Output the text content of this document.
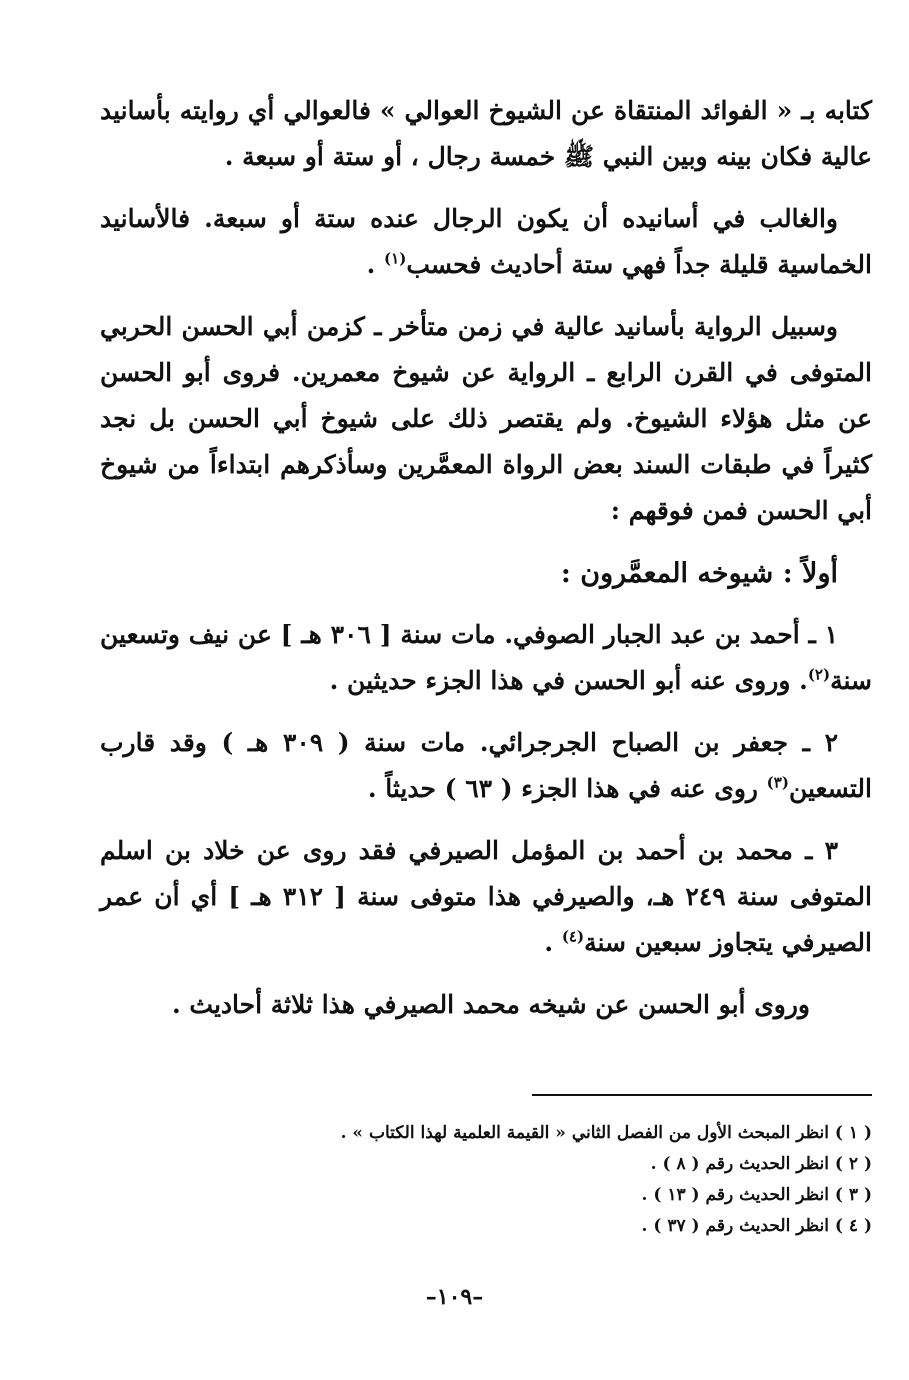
كتابه بـ « الفوائد المنتقاة عن الشيوخ العوالي » فالعوالي أي روايته بأسانيد عالية فكان بينه وبين النبي ﷺ خمسة رجال ، أو ستة أو سبعة .

والغالب في أسانيده أن يكون الرجال عنده ستة أو سبعة. فالأسانيد الخماسية قليلة جداً فهي ستة أحاديث فحسب$^{(١)}$ .

وسبيل الرواية بأسانيد عالية في زمن متأخر ـ كزمن أبي الحسن الحربي المتوفى في القرن الرابع ـ الرواية عن شيوخ معمرين. فروى أبو الحسن عن مثل هؤلاء الشيوخ. ولم يقتصر ذلك على شيوخ أبي الحسن بل نجد كثيراً في طبقات السند بعض الرواة المعمَّرين وسأذكرهم ابتداءاً من شيوخ أبي الحسن فمن فوقهم :

أولاً : شيوخه المعمَّرون :

١ ـ أحمد بن عبد الجبار الصوفي. مات سنة [ ٣٠٦ هـ ] عن نيف وتسعين سنة$^{(٢)}$. وروى عنه أبو الحسن في هذا الجزء حديثين .

٢ ـ جعفر بن الصباح الجرجرائي. مات سنة ( ٣٠٩ هـ ) وقد قارب التسعين$^{(٣)}$ روى عنه في هذا الجزء ( ٦٣ ) حديثاً .

٣ ـ محمد بن أحمد بن المؤمل الصيرفي فقد روى عن خلاد بن اسلم المتوفى سنة ٢٤٩ هـ، والصيرفي هذا متوفى سنة [ ٣١٢ هـ ] أي أن عمر الصيرفي يتجاوز سبعين سنة$^{(٤)}$ .

وروى أبو الحسن عن شيخه محمد الصيرفي هذا ثلاثة أحاديث .

( ١ ) انظر المبحث الأول من الفصل الثاني « القيمة العلمية لهذا الكتاب » .

( ٢ ) انظر الحديث رقم ( ٨ ) .

( ٣ ) انظر الحديث رقم ( ١٣ ) .

( ٤ ) انظر الحديث رقم ( ٣٧ ) .

–١٠٩–
